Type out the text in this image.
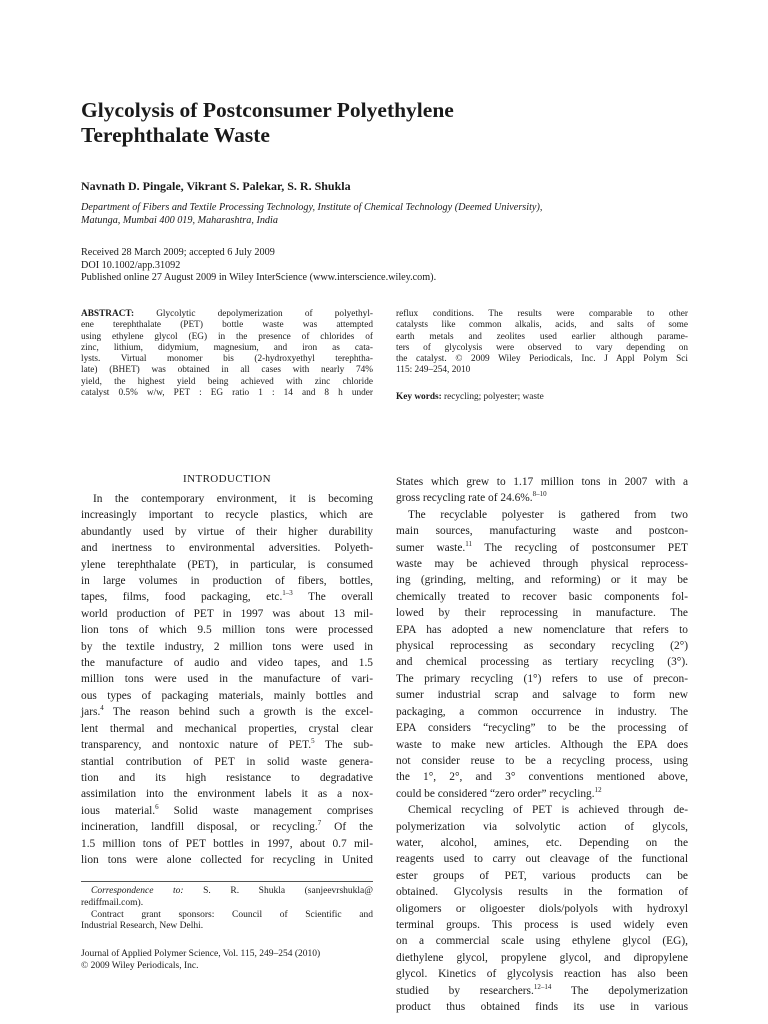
Glycolysis of Postconsumer Polyethylene
Terephthalate Waste
Navnath D. Pingale, Vikrant S. Palekar, S. R. Shukla
Department of Fibers and Textile Processing Technology, Institute of Chemical Technology (Deemed University),
Matunga, Mumbai 400 019, Maharashtra, India
Received 28 March 2009; accepted 6 July 2009
DOI 10.1002/app.31092
Published online 27 August 2009 in Wiley InterScience (www.interscience.wiley.com).
ABSTRACT: Glycolytic depolymerization of polyethyl-
ene terephthalate (PET) bottle waste was attempted
using ethylene glycol (EG) in the presence of chlorides of
zinc, lithium, didymium, magnesium, and iron as cata-
lysts. Virtual monomer bis (2-hydroxyethyl terephtha-
late) (BHET) was obtained in all cases with nearly 74%
yield, the highest yield being achieved with zinc chloride
catalyst 0.5% w/w, PET : EG ratio 1 : 14 and 8 h under
reflux conditions. The results were comparable to other
catalysts like common alkalis, acids, and salts of some
earth metals and zeolites used earlier although parame-
ters of glycolysis were observed to vary depending on
the catalyst. © 2009 Wiley Periodicals, Inc. J Appl Polym Sci
115: 249–254, 2010
Key words: recycling; polyester; waste
INTRODUCTION
In the contemporary environment, it is becoming
increasingly important to recycle plastics, which are
abundantly used by virtue of their higher durability
and inertness to environmental adversities. Polyeth-
ylene terephthalate (PET), in particular, is consumed
in large volumes in production of fibers, bottles,
tapes, films, food packaging, etc.$^{1-3}$ The overall
world production of PET in 1997 was about 13 mil-
lion tons of which 9.5 million tons were processed
by the textile industry, 2 million tons were used in
the manufacture of audio and video tapes, and 1.5
million tons were used in the manufacture of vari-
ous types of packaging materials, mainly bottles and
jars.$^4$ The reason behind such a growth is the excel-
lent thermal and mechanical properties, crystal clear
transparency, and nontoxic nature of PET.$^5$ The sub-
stantial contribution of PET in solid waste genera-
tion and its high resistance to degradative
assimilation into the environment labels it as a nox-
ious material.$^6$ Solid waste management comprises
incineration, landfill disposal, or recycling.$^7$ Of the
1.5 million tons of PET bottles in 1997, about 0.7 mil-
lion tons were alone collected for recycling in United
States which grew to 1.17 million tons in 2007 with a
gross recycling rate of 24.6%.$^{8-10}$
The recyclable polyester is gathered from two
main sources, manufacturing waste and postcon-
sumer waste.$^{11}$ The recycling of postconsumer PET
waste may be achieved through physical reprocess-
ing (grinding, melting, and reforming) or it may be
chemically treated to recover basic components fol-
lowed by their reprocessing in manufacture. The
EPA has adopted a new nomenclature that refers to
physical reprocessing as secondary recycling (2°)
and chemical processing as tertiary recycling (3°).
The primary recycling (1°) refers to use of precon-
sumer industrial scrap and salvage to form new
packaging, a common occurrence in industry. The
EPA considers “recycling” to be the processing of
waste to make new articles. Although the EPA does
not consider reuse to be a recycling process, using
the 1°, 2°, and 3° conventions mentioned above,
could be considered “zero order” recycling.$^{12}$
Chemical recycling of PET is achieved through de-
polymerization via solvolytic action of glycols,
water, alcohol, amines, etc. Depending on the
reagents used to carry out cleavage of the functional
ester groups of PET, various products can be
obtained. Glycolysis results in the formation of
oligomers or oligoester diols/polyols with hydroxyl
terminal groups. This process is used widely even
on a commercial scale using ethylene glycol (EG),
diethylene glycol, propylene glycol, and dipropylene
glycol. Kinetics of glycolysis reaction has also been
studied by researchers.$^{12-14}$ The depolymerization
product thus obtained finds its use in various
Correspondence to: S. R. Shukla (sanjeevrshukla@
rediffmail.com).
Contract grant sponsors: Council of Scientific and
Industrial Research, New Delhi.
Journal of Applied Polymer Science, Vol. 115, 249–254 (2010)
© 2009 Wiley Periodicals, Inc.
